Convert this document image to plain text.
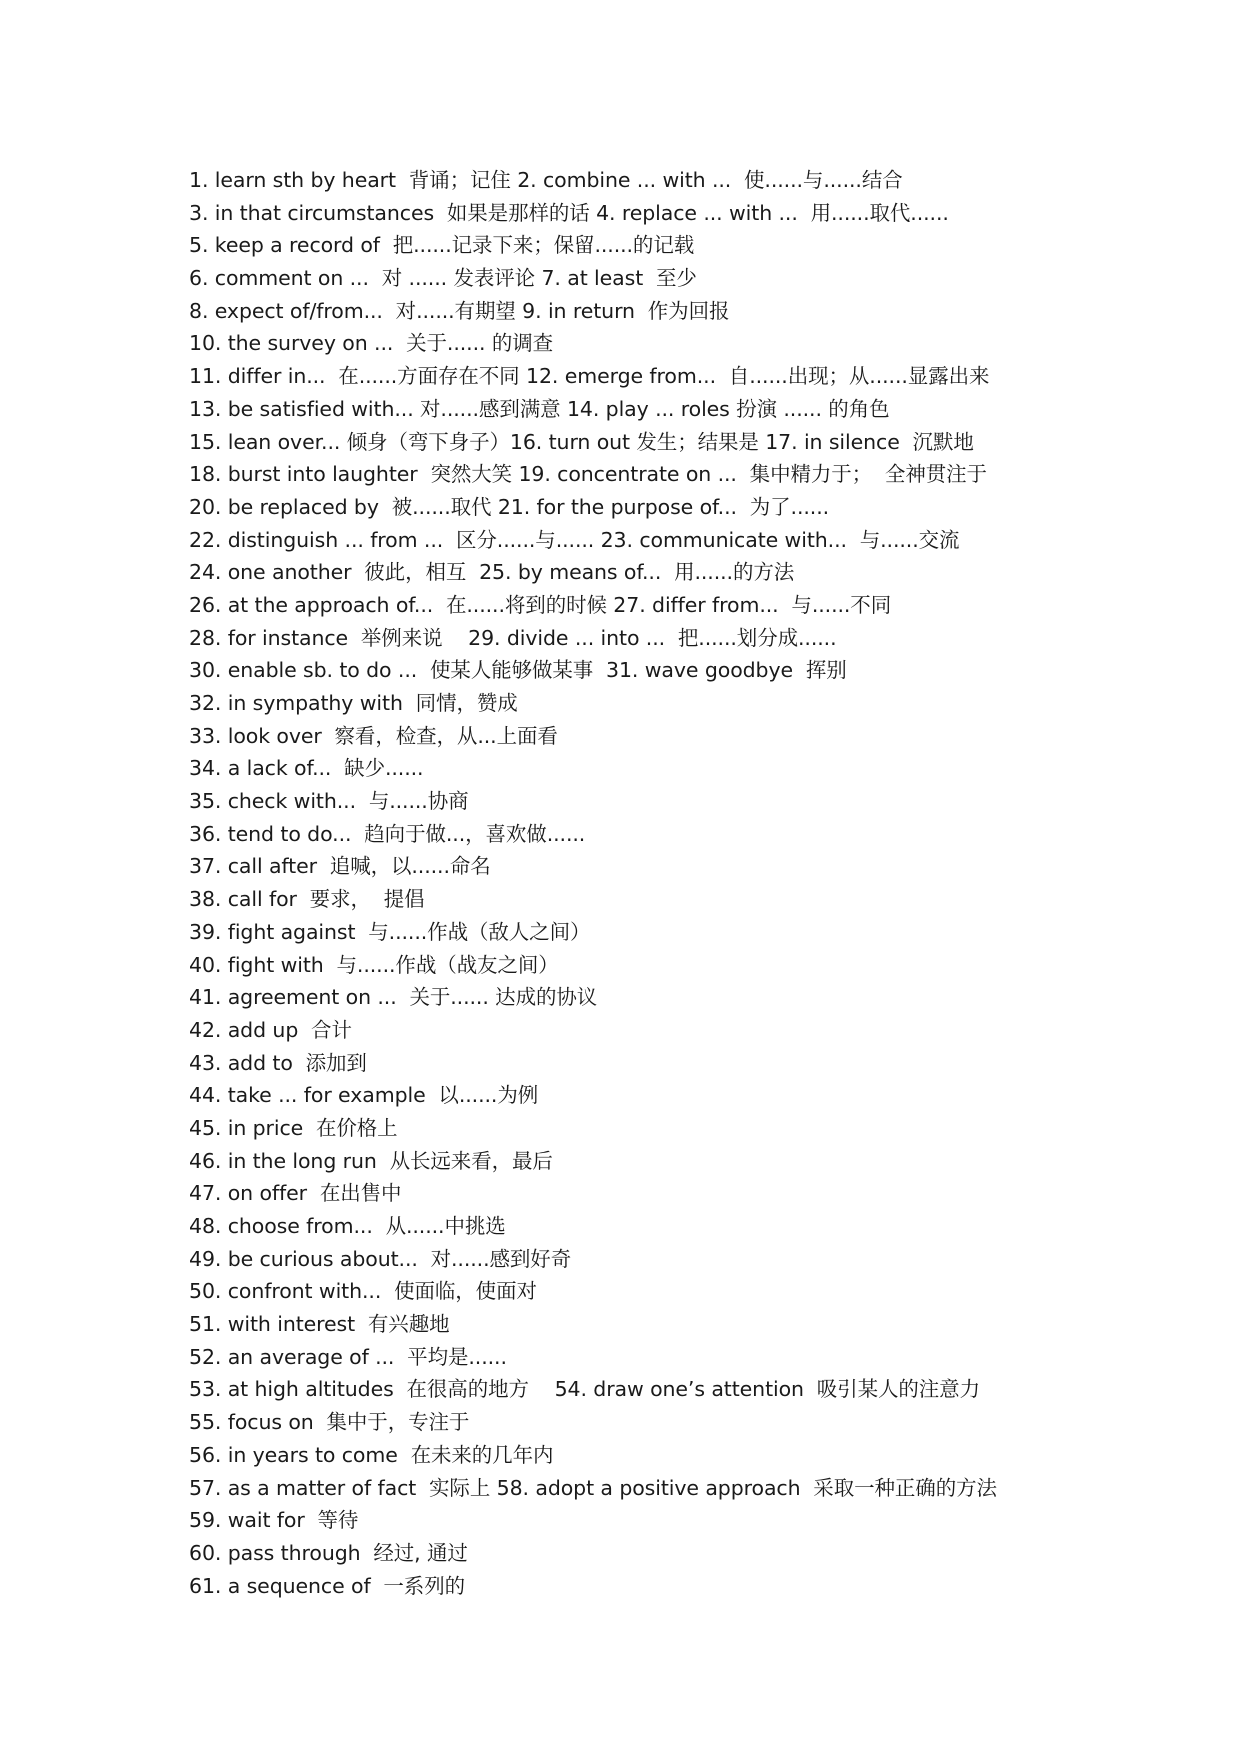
1. learn sth by heart  背诵；记住 2. combine ... with ...  使......与......结合
3. in that circumstances  如果是那样的话 4. replace ... with ...  用......取代......
5. keep a record of  把......记录下来；保留......的记载
6. comment on ...  对 ...... 发表评论 7. at least  至少
8. expect of/from...  对......有期望 9. in return  作为回报
10. the survey on ...  关于...... 的调查
11. differ in...  在......方面存在不同 12. emerge from...  自......出现；从......显露出来
13. be satisfied with... 对......感到满意 14. play ... roles 扮演 ...... 的角色
15. lean over... 倾身（弯下身子）16. turn out 发生；结果是 17. in silence  沉默地
18. burst into laughter  突然大笑 19. concentrate on ...  集中精力于；  全神贯注于
20. be replaced by  被......取代 21. for the purpose of...  为了......
22. distinguish ... from ...  区分......与...... 23. communicate with...  与......交流
24. one another  彼此，相互  25. by means of...  用......的方法
26. at the approach of...  在......将到的时候 27. differ from...  与......不同
28. for instance  举例来说    29. divide ... into ...  把......划分成......
30. enable sb. to do ...  使某人能够做某事  31. wave goodbye  挥别
32. in sympathy with  同情，赞成
33. look over  察看，检查，从...上面看
34. a lack of...  缺少......
35. check with...  与......协商
36. tend to do...  趋向于做...，喜欢做......
37. call after  追喊，以......命名
38. call for  要求，  提倡
39. fight against  与......作战（敌人之间）
40. fight with  与......作战（战友之间）
41. agreement on ...  关于...... 达成的协议
42. add up  合计
43. add to  添加到
44. take ... for example  以......为例
45. in price  在价格上
46. in the long run  从长远来看，最后
47. on offer  在出售中
48. choose from...  从......中挑选
49. be curious about...  对......感到好奇
50. confront with...  使面临，使面对
51. with interest  有兴趣地
52. an average of ...  平均是......
53. at high altitudes  在很高的地方    54. draw one’s attention  吸引某人的注意力
55. focus on  集中于，专注于
56. in years to come  在未来的几年内
57. as a matter of fact  实际上 58. adopt a positive approach  采取一种正确的方法
59. wait for  等待
60. pass through  经过, 通过
61. a sequence of  一系列的
